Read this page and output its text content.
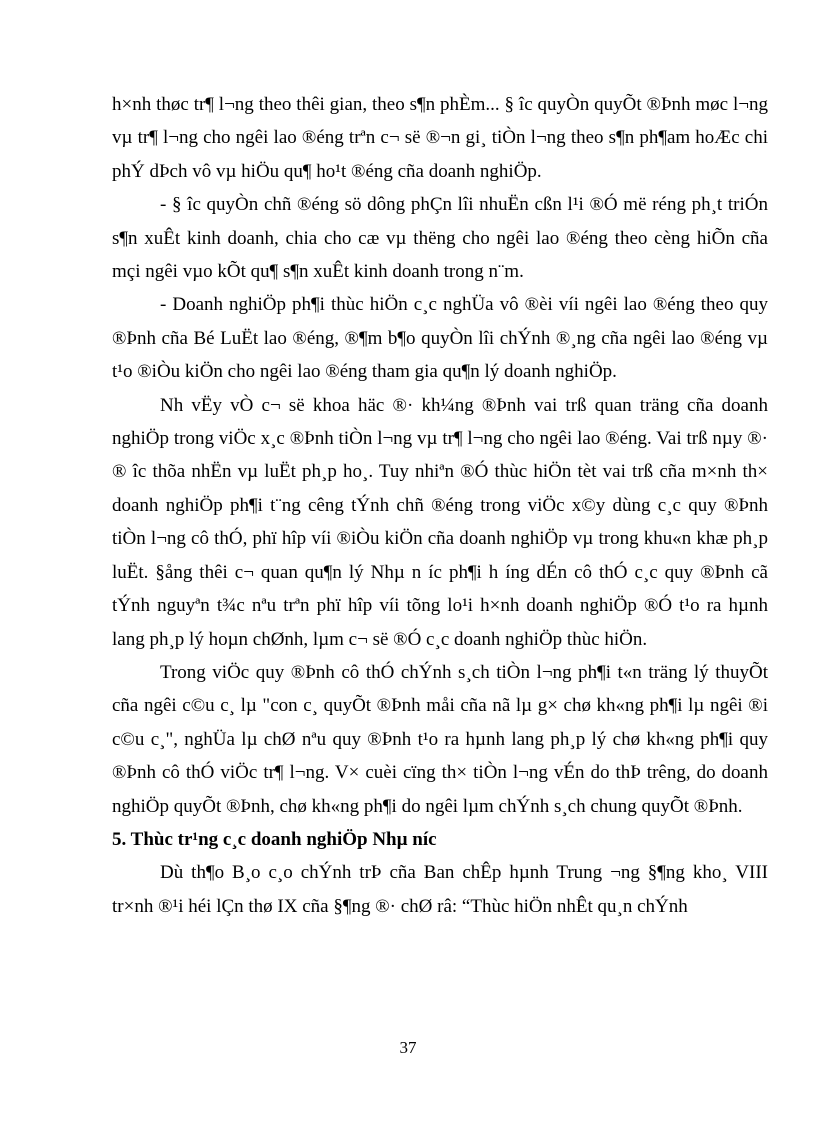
h×nh thøc tr¶ l¬ng theo thêi gian, theo s¶n phÈm... § îc quyÒn quyÕt ®Þnh møc l¬ng vµ tr¶ l¬ng cho ngêi lao ®éng trªn c¬ së ®¬n gi¸ tiÒn l¬ng theo s¶n ph¶am hoÆc chi phÝ dÞch vô vµ hiÖu qu¶ ho¹t ®éng cña doanh nghiÖp.

- § îc quyÒn chñ ®éng sö dông phÇn lîi nhuËn cßn l¹i ®Ó më réng ph¸t triÓn s¶n xuÊt kinh doanh, chia cho cæ vµ thëng cho ngêi lao ®éng theo cèng hiÕn cña mçi ngêi vµo kÕt qu¶ s¶n xuÊt kinh doanh trong n¨m.

- Doanh nghiÖp ph¶i thùc hiÖn c¸c nghÜa vô ®èi víi ngêi lao ®éng theo quy ®Þnh cña Bé LuËt lao ®éng, ®¶m b¶o quyÒn lîi chÝnh ®¸ng cña ngêi lao ®éng vµ t¹o ®iÒu kiÖn cho ngêi lao ®éng tham gia qu¶n lý doanh nghiÖp.

Nh vËy vÒ c¬ së khoa häc ®· kh¼ng ®Þnh vai trß quan träng cña doanh nghiÖp trong viÖc x¸c ®Þnh tiÒn l¬ng vµ tr¶ l¬ng cho ngêi lao ®éng. Vai trß nµy ®· ® îc thõa nhËn vµ luËt ph¸p ho¸. Tuy nhiªn ®Ó thùc hiÖn tèt vai trß cña m×nh th× doanh nghiÖp ph¶i t¨ng cêng tÝnh chñ ®éng trong viÖc x©y dùng c¸c quy ®Þnh tiÒn l¬ng cô thÓ, phï hîp víi ®iÒu kiÖn cña doanh nghiÖp vµ trong khu«n khæ ph¸p luËt. §ång thêi c¬ quan qu¶n lý Nhµ n íc ph¶i h íng dÉn cô thÓ c¸c quy ®Þnh cã tÝnh nguyªn t¾c nªu trªn phï hîp víi tõng lo¹i h×nh doanh nghiÖp ®Ó t¹o ra hµnh lang ph¸p lý hoµn chØnh, lµm c¬ së ®Ó c¸c doanh nghiÖp thùc hiÖn.

Trong viÖc quy ®Þnh cô thÓ chÝnh s¸ch tiÒn l¬ng ph¶i t«n träng lý thuyÕt cña ngêi c©u c¸ lµ "con c¸ quyÕt ®Þnh måi cña nã lµ g× chø kh«ng ph¶i lµ ngêi ®i c©u c¸", nghÜa lµ chØ nªu quy ®Þnh t¹o ra hµnh lang ph¸p lý chø kh«ng ph¶i quy ®Þnh cô thÓ viÖc tr¶ l¬ng. V× cuèi cïng th× tiÒn l¬ng vÉn do thÞ trêng, do doanh nghiÖp quyÕt ®Þnh, chø kh«ng ph¶i do ngêi lµm chÝnh s¸ch chung quyÕt ®Þnh.

5. Thùc tr¹ng c¸c doanh nghiÖp Nhµ níc

Dù th¶o B¸o c¸o chÝnh trÞ cña Ban chÊp hµnh Trung ¬ng §¶ng kho¸ VIII tr×nh ®¹i héi lÇn thø IX cña §¶ng ®· chØ râ: “Thùc hiÖn nhÊt qu¸n chÝnh

37
